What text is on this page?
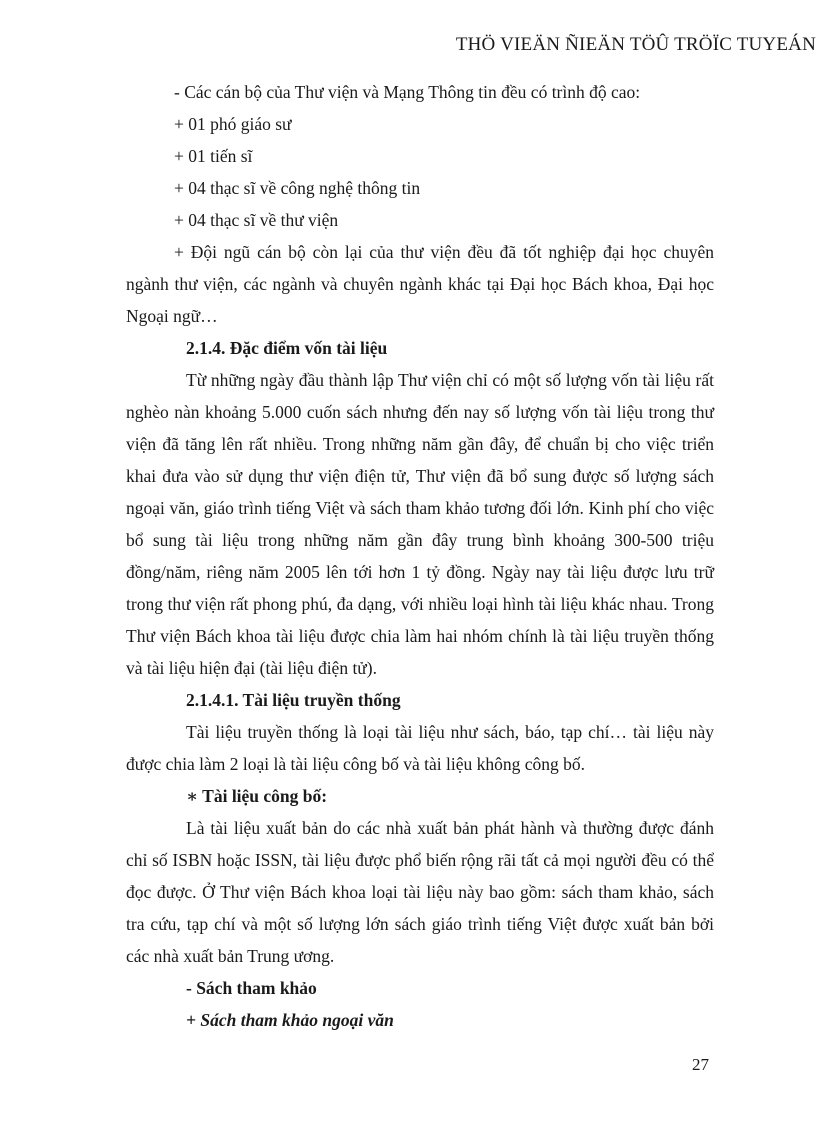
THÖ VIEÄN ÑIEÄN TÖÛ TRÖÏC TUYEÁN
- Các cán bộ của Thư viện và Mạng Thông tin đều có trình độ cao:
+ 01 phó giáo sư
+ 01 tiến sĩ
+ 04 thạc sĩ về công nghệ thông tin
+ 04 thạc sĩ về thư viện
+ Đội ngũ cán bộ còn lại của thư viện đều đã tốt nghiệp đại học chuyên ngành thư viện, các ngành và chuyên ngành khác tại Đại học Bách khoa, Đại học Ngoại ngữ…
2.1.4. Đặc điểm vốn tài liệu
Từ những ngày đầu thành lập Thư viện chỉ có một số lượng vốn tài liệu rất nghèo nàn khoảng 5.000 cuốn sách nhưng đến nay số lượng vốn tài liệu trong thư viện đã tăng lên rất nhiều. Trong những năm gần đây, để chuẩn bị cho việc triển khai đưa vào sử dụng thư viện điện tử, Thư viện đã bổ sung được số lượng sách ngoại văn, giáo trình tiếng Việt và sách tham khảo tương đối lớn. Kinh phí cho việc bổ sung tài liệu trong những năm gần đây trung bình khoảng 300-500 triệu đồng/năm, riêng năm 2005 lên tới hơn 1 tỷ đồng. Ngày nay tài liệu được lưu trữ trong thư viện rất phong phú, đa dạng, với nhiều loại hình tài liệu khác nhau. Trong Thư viện Bách khoa tài liệu được chia làm hai nhóm chính là tài liệu truyền thống và tài liệu hiện đại (tài liệu điện tử).
2.1.4.1. Tài liệu truyền thống
Tài liệu truyền thống là loại tài liệu như sách, báo, tạp chí… tài liệu này được chia làm 2 loại là tài liệu công bố và tài liệu không công bố.
∗ Tài liệu công bố:
Là tài liệu xuất bản do các nhà xuất bản phát hành và thường được đánh chỉ số ISBN hoặc ISSN, tài liệu được phổ biến rộng rãi tất cả mọi người đều có thể đọc được. Ở Thư viện Bách khoa loại tài liệu này bao gồm: sách tham khảo, sách tra cứu, tạp chí và một số lượng lớn sách giáo trình tiếng Việt được xuất bản bởi các nhà xuất bản Trung ương.
- Sách tham khảo
+ Sách tham khảo ngoại văn
27
